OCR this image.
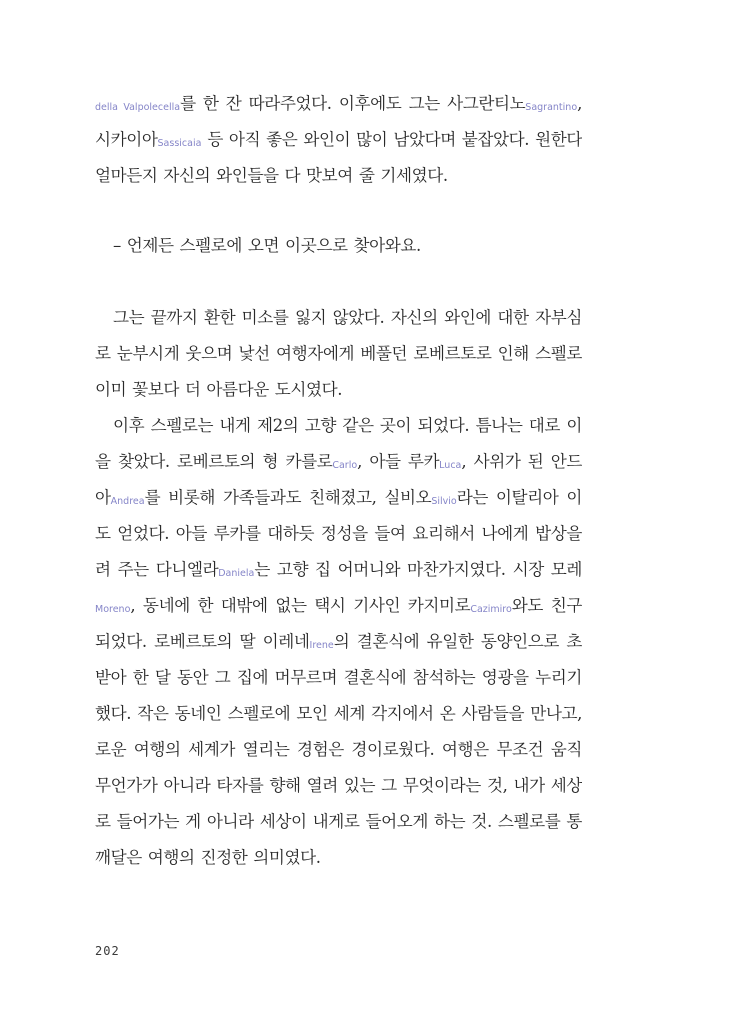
della Valpolecella를 한 잔 따라주었다. 이후에도 그는 사그란티노Sagrantino,
시카이아Sassicaia 등 아직 좋은 와인이 많이 남았다며 붙잡았다. 원한다
얼마든지 자신의 와인들을 다 맛보여 줄 기세였다.
– 언제든 스펠로에 오면 이곳으로 찾아와요.
그는 끝까지 환한 미소를 잃지 않았다. 자신의 와인에 대한 자부심
로 눈부시게 웃으며 낯선 여행자에게 베풀던 로베르토로 인해 스펠로
이미 꽃보다 더 아름다운 도시였다.
이후 스펠로는 내게 제2의 고향 같은 곳이 되었다. 틈나는 대로 이
을 찾았다. 로베르토의 형 카를로Carlo, 아들 루카Luca, 사위가 된 안드
아Andrea를 비롯해 가족들과도 친해졌고, 실비오Silvio라는 이탈리아 이
도 얻었다. 아들 루카를 대하듯 정성을 들여 요리해서 나에게 밥상을
려 주는 다니엘라Daniela는 고향 집 어머니와 마찬가지였다. 시장 모레
Moreno, 동네에 한 대밖에 없는 택시 기사인 카지미로Cazimiro와도 친구
되었다. 로베르토의 딸 이레네Irene의 결혼식에 유일한 동양인으로 초
받아 한 달 동안 그 집에 머무르며 결혼식에 참석하는 영광을 누리기
했다. 작은 동네인 스펠로에 모인 세계 각지에서 온 사람들을 만나고,
로운 여행의 세계가 열리는 경험은 경이로웠다. 여행은 무조건 움직
무언가가 아니라 타자를 향해 열려 있는 그 무엇이라는 것, 내가 세상
로 들어가는 게 아니라 세상이 내게로 들어오게 하는 것. 스펠로를 통
깨달은 여행의 진정한 의미였다.
202
